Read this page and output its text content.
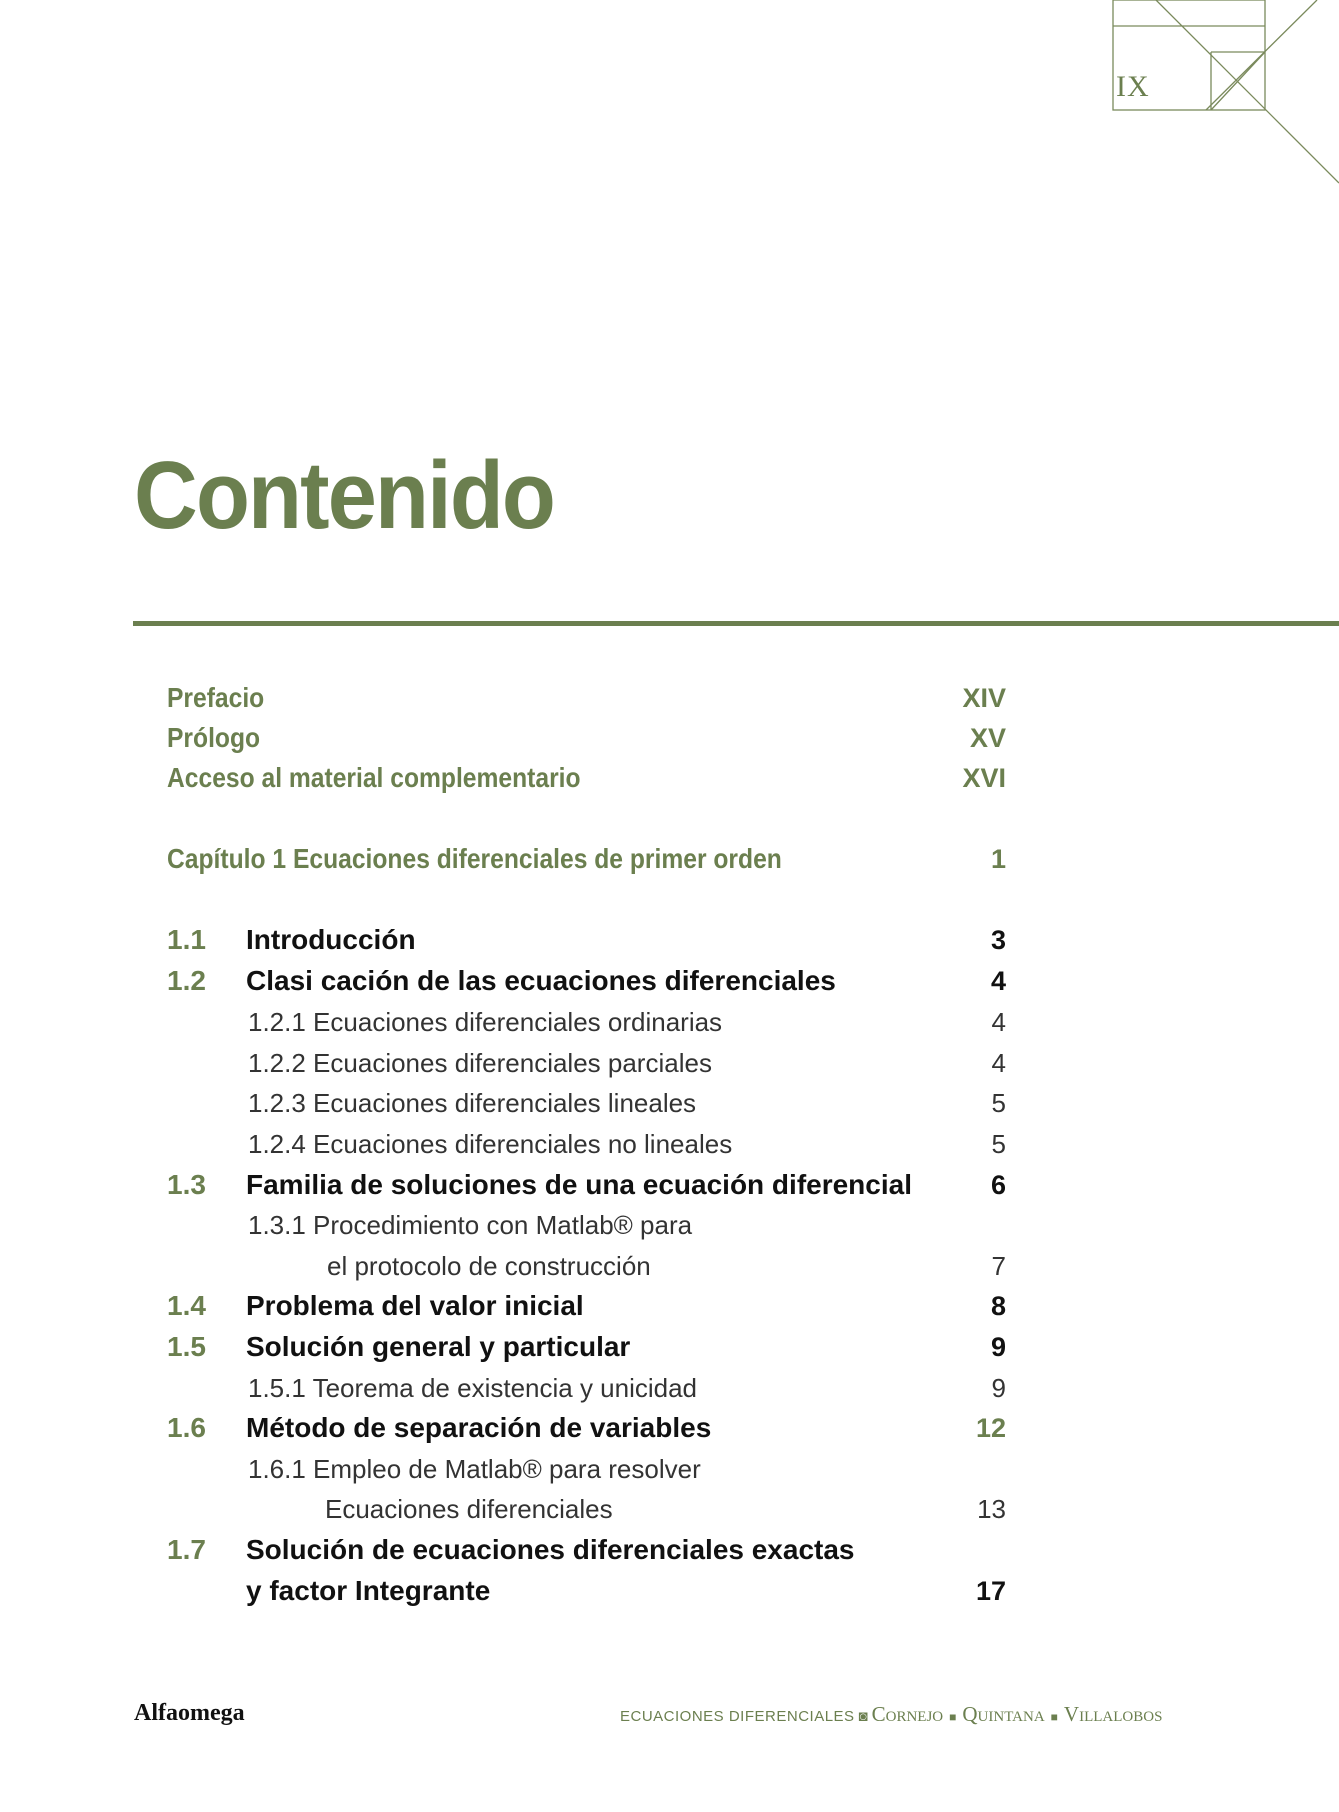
IX
Contenido
Prefacio	XIV
Prólogo	XV
Acceso al material complementario	XVI
Capítulo 1 Ecuaciones diferenciales de primer orden	1
1.1 Introducción	3
1.2 Clasi cación de las ecuaciones diferenciales	4
1.2.1 Ecuaciones diferenciales ordinarias	4
1.2.2 Ecuaciones diferenciales parciales	4
1.2.3 Ecuaciones diferenciales lineales	5
1.2.4 Ecuaciones diferenciales no lineales	5
1.3 Familia de soluciones de una ecuación diferencial	6
1.3.1 Procedimiento con Matlab® para
el protocolo de construcción	7
1.4 Problema del valor inicial	8
1.5 Solución general y particular	9
1.5.1 Teorema de existencia y unicidad	9
1.6 Método de separación de variables	12
1.6.1 Empleo de Matlab® para resolver
Ecuaciones diferenciales	13
1.7 Solución de ecuaciones diferenciales exactas
y factor Integrante	17
Alfaomega	ECUACIONES DIFERENCIALES ◙ Cornejo ■ Quintana ■ Villalobos
